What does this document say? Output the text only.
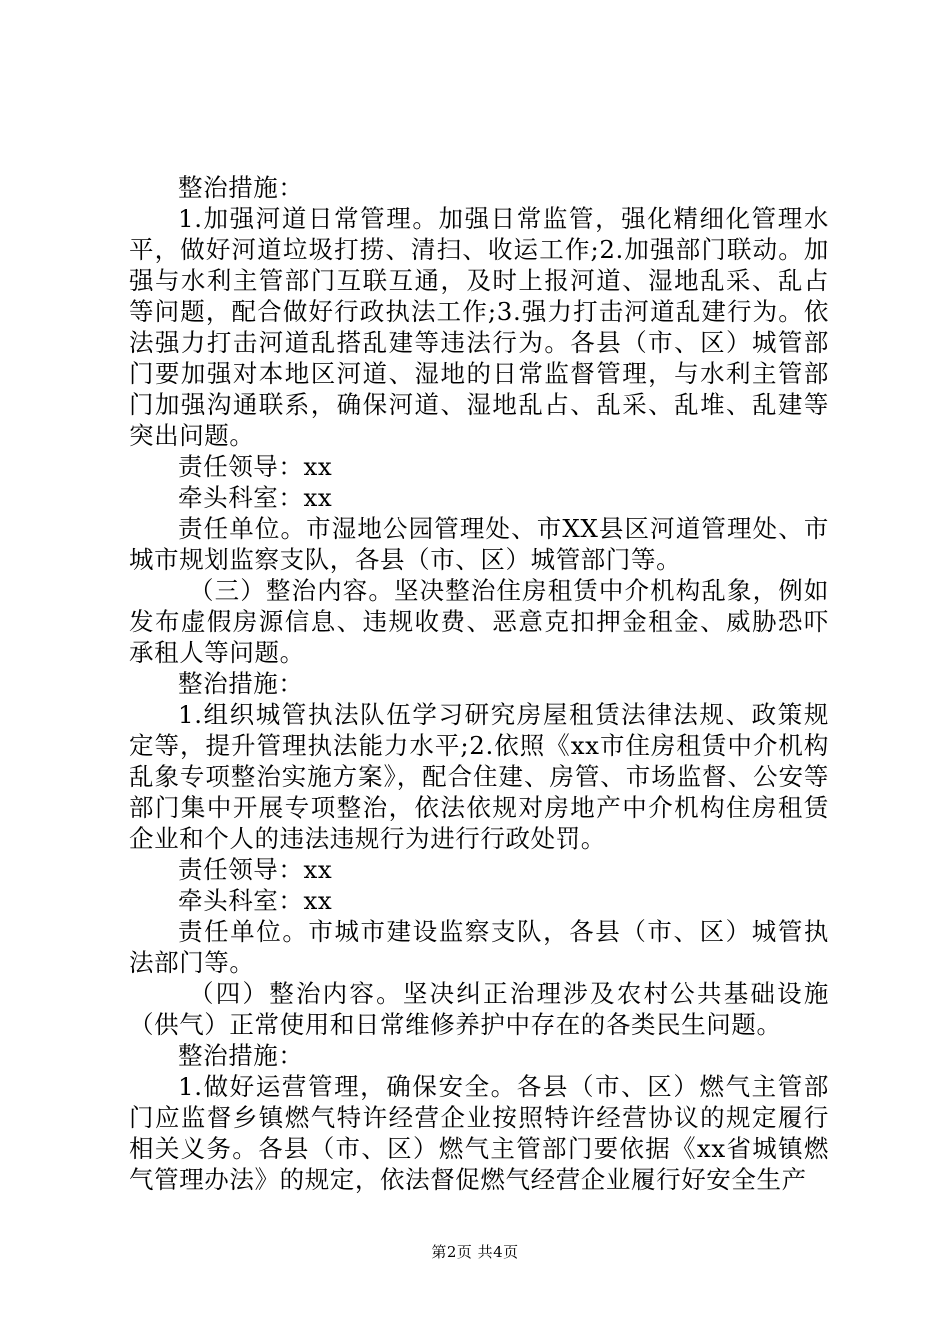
整治措施：

1.加强河道日常管理。加强日常监管，强化精细化管理水平，做好河道垃圾打捞、清扫、收运工作;2.加强部门联动。加强与水利主管部门互联互通，及时上报河道、湿地乱采、乱占等问题，配合做好行政执法工作;3.强力打击河道乱建行为。依法强力打击河道乱搭乱建等违法行为。各县（市、区）城管部门要加强对本地区河道、湿地的日常监督管理，与水利主管部门加强沟通联系，确保河道、湿地乱占、乱采、乱堆、乱建等突出问题。

责任领导：xx

牵头科室：xx

责任单位。市湿地公园管理处、市XX县区河道管理处、市城市规划监察支队，各县（市、区）城管部门等。

（三）整治内容。坚决整治住房租赁中介机构乱象，例如发布虚假房源信息、违规收费、恶意克扣押金租金、威胁恐吓承租人等问题。

整治措施：

1.组织城管执法队伍学习研究房屋租赁法律法规、政策规定等，提升管理执法能力水平;2.依照《xx市住房租赁中介机构乱象专项整治实施方案》，配合住建、房管、市场监督、公安等部门集中开展专项整治，依法依规对房地产中介机构住房租赁企业和个人的违法违规行为进行行政处罚。

责任领导：xx

牵头科室：xx

责任单位。市城市建设监察支队，各县（市、区）城管执法部门等。

（四）整治内容。坚决纠正治理涉及农村公共基础设施（供气）正常使用和日常维修养护中存在的各类民生问题。

整治措施：

1.做好运营管理，确保安全。各县（市、区）燃气主管部门应监督乡镇燃气特许经营企业按照特许经营协议的规定履行相关义务。各县（市、区）燃气主管部门要依据《xx省城镇燃气管理办法》的规定，依法督促燃气经营企业履行好安全生产

第2页 共4页
